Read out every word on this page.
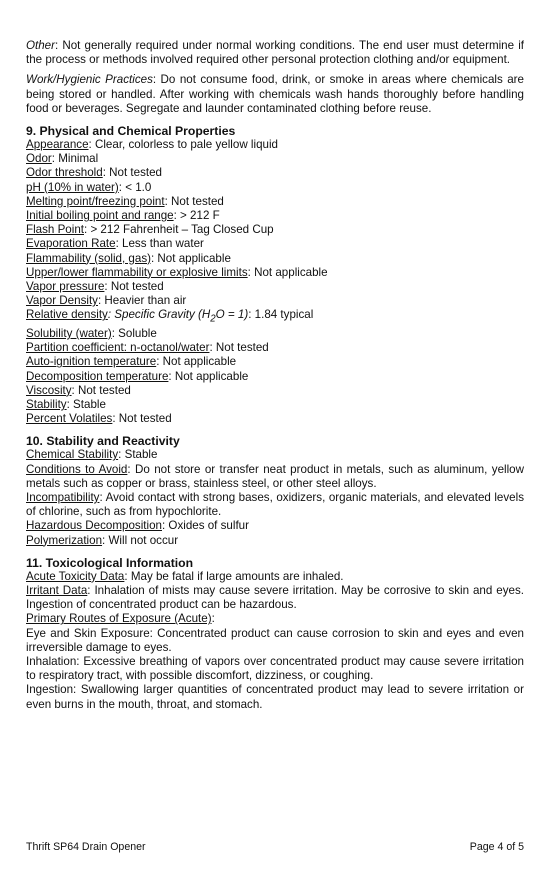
Other: Not generally required under normal working conditions. The end user must determine if the process or methods involved required other personal protection clothing and/or equipment.
Work/Hygienic Practices: Do not consume food, drink, or smoke in areas where chemicals are being stored or handled. After working with chemicals wash hands thoroughly before handling food or beverages. Segregate and launder contaminated clothing before reuse.
9. Physical and Chemical Properties
Appearance: Clear, colorless to pale yellow liquid
Odor: Minimal
Odor threshold: Not tested
pH (10% in water): < 1.0
Melting point/freezing point: Not tested
Initial boiling point and range: > 212 F
Flash Point: > 212 Fahrenheit – Tag Closed Cup
Evaporation Rate: Less than water
Flammability (solid, gas): Not applicable
Upper/lower flammability or explosive limits: Not applicable
Vapor pressure: Not tested
Vapor Density: Heavier than air
Relative density: Specific Gravity $(H_2O = 1)$: 1.84 typical
Solubility (water): Soluble
Partition coefficient: n-octanol/water: Not tested
Auto-ignition temperature: Not applicable
Decomposition temperature: Not applicable
Viscosity: Not tested
Stability: Stable
Percent Volatiles: Not tested
10. Stability and Reactivity
Chemical Stability: Stable
Conditions to Avoid: Do not store or transfer neat product in metals, such as aluminum, yellow metals such as copper or brass, stainless steel, or other steel alloys.
Incompatibility: Avoid contact with strong bases, oxidizers, organic materials, and elevated levels of chlorine, such as from hypochlorite.
Hazardous Decomposition: Oxides of sulfur
Polymerization: Will not occur
11. Toxicological Information
Acute Toxicity Data: May be fatal if large amounts are inhaled.
Irritant Data: Inhalation of mists may cause severe irritation. May be corrosive to skin and eyes. Ingestion of concentrated product can be hazardous.
Primary Routes of Exposure (Acute):
Eye and Skin Exposure: Concentrated product can cause corrosion to skin and eyes and even irreversible damage to eyes.
Inhalation: Excessive breathing of vapors over concentrated product may cause severe irritation to respiratory tract, with possible discomfort, dizziness, or coughing.
Ingestion: Swallowing larger quantities of concentrated product may lead to severe irritation or even burns in the mouth, throat, and stomach.
Thrift SP64 Drain Opener	Page 4 of 5
